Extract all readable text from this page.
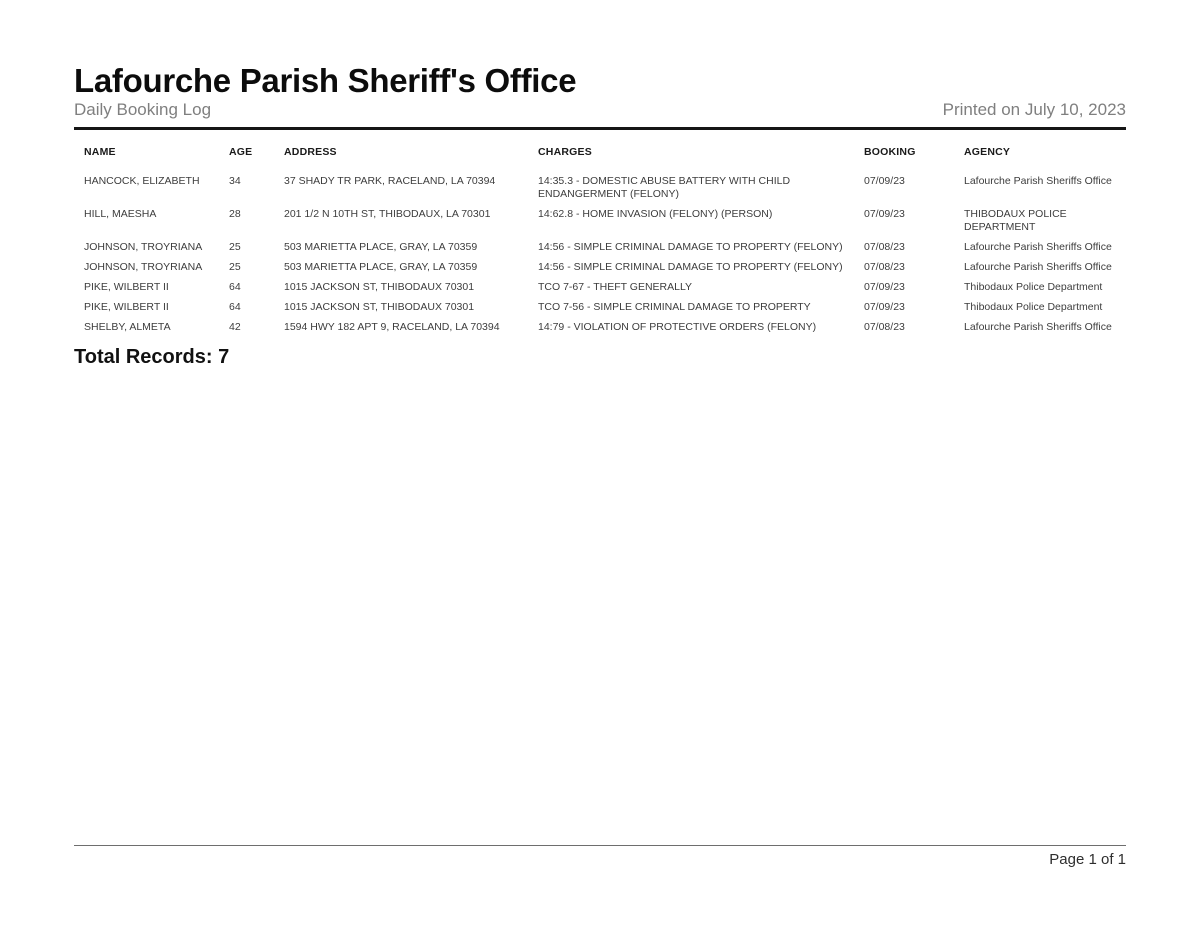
Lafourche Parish Sheriff's Office
Daily Booking Log	Printed on July 10, 2023
NAME	AGE	ADDRESS	CHARGES	BOOKING	AGENCY
HANCOCK, ELIZABETH	34	37 SHADY TR PARK, RACELAND, LA 70394	14:35.3 - DOMESTIC ABUSE BATTERY WITH CHILD ENDANGERMENT (FELONY)	07/09/23	Lafourche Parish Sheriffs Office
HILL, MAESHA	28	201 1/2 N 10TH ST, THIBODAUX, LA 70301	14:62.8 - HOME INVASION (FELONY) (PERSON)	07/09/23	THIBODAUX POLICE DEPARTMENT
JOHNSON, TROYRIANA	25	503 MARIETTA PLACE, GRAY, LA 70359	14:56 - SIMPLE CRIMINAL DAMAGE TO PROPERTY (FELONY)	07/08/23	Lafourche Parish Sheriffs Office
JOHNSON, TROYRIANA	25	503 MARIETTA PLACE, GRAY, LA 70359	14:56 - SIMPLE CRIMINAL DAMAGE TO PROPERTY (FELONY)	07/08/23	Lafourche Parish Sheriffs Office
PIKE, WILBERT II	64	1015 JACKSON ST, THIBODAUX 70301	TCO 7-67 - THEFT GENERALLY	07/09/23	Thibodaux Police Department
PIKE, WILBERT II	64	1015 JACKSON ST, THIBODAUX 70301	TCO 7-56 - SIMPLE CRIMINAL DAMAGE TO PROPERTY	07/09/23	Thibodaux Police Department
SHELBY, ALMETA	42	1594 HWY 182 APT 9, RACELAND, LA 70394	14:79 - VIOLATION OF PROTECTIVE ORDERS (FELONY)	07/08/23	Lafourche Parish Sheriffs Office
Total Records: 7
Page 1 of 1
